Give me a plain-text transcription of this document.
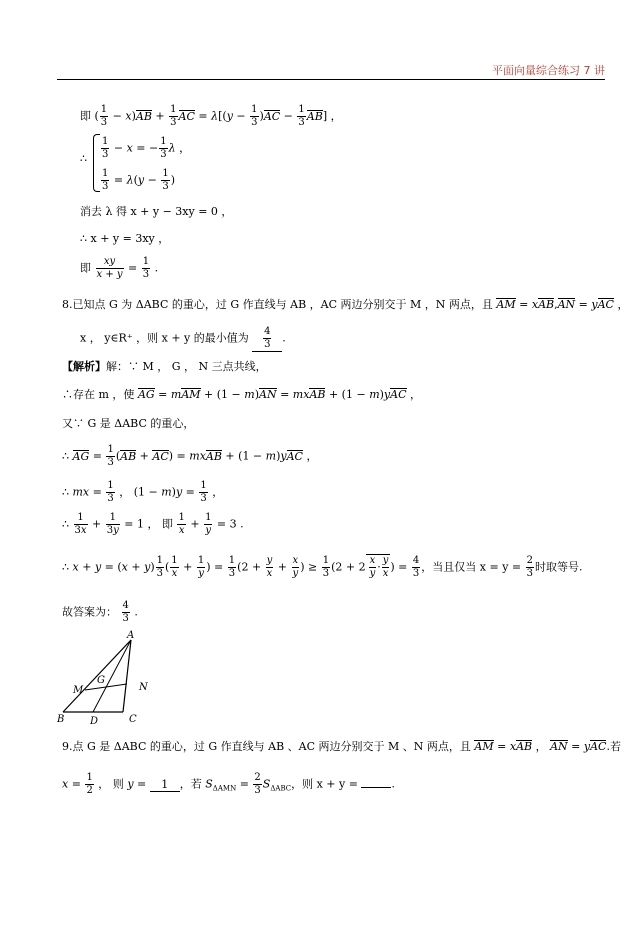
平面向量综合练习 7 讲
即 ( $\frac{1}{3} - x)AB + \frac{1}{3}$ AC = $\lambda[(y - \frac{1}{3} )AC - \frac{1}{3} AB]$ ，
∴ $\frac{1}{3} - x$ = − $\frac{1}{3}$ λ ，
$\frac{1}{3} = \lambda(y - \frac{1}{3}$ )
消去 λ 得 x + y − 3xy = 0 ，
∴ x + y = 3xy ，
即 $\frac{xy}{x + y} = \frac{1}{3}$ .
8.已知点 G 为 ΔABC 的重心，过 G 作直线与 AB ，AC 两边分别交于 M ，N 两点，且 AM = xAB,AN = yAC ，
x ， y∈R⁺ ，则 x + y 的最小值为 $\frac{4}{3}$ .
【解析】解：∵ M ， G ， N 三点共线，
∴存在 m ，使 AG = mAM + (1 − m)AN = mxAB + (1 − m)yAC ，
又∵ G 是 ΔABC 的重心，
∴ AG = $\frac{1}{3} (AB + AC)$ = mxAB + (1 − m)yAC ，
∴ mx = $\frac{1}{3}$ ， $(1 - m)y = \frac{1}{3}$ ，
∴ $\frac{1}{3x} + \frac{1}{3y} = 1$ ， 即 $\frac{1}{x} + \frac{1}{y} = 3$ .
∴ $x + y = (x + y) \frac{1}{3}$ ( $\frac{1}{x} + \frac{1}{y}$ ) = $\frac{1}{3} (2 + \frac{y}{x} + \frac{x}{y}$ ) ≥ $\frac{1}{3} (2 + 2 \frac{x}{y} \cdot \frac{y}{x}$ ) = $\frac{4}{3}$ ，当且仅当 $x = y = \frac{2}{3}$ 时取等号.
故答案为： $\frac{4}{3}$ .
A
G
M	N
B	D	C
9.点 G 是 ΔABC 的重心，过 G 作直线与 AB 、AC 两边分别交于 M 、N 两点，且 AM = xAB ， AN = yAC.若
$x = \frac{1}{2}$ ， 则 y = 1 ，若 $S_{\Delta AMN} = \frac{2}{3} S_{\Delta ABC}$，则 x + y =	.
